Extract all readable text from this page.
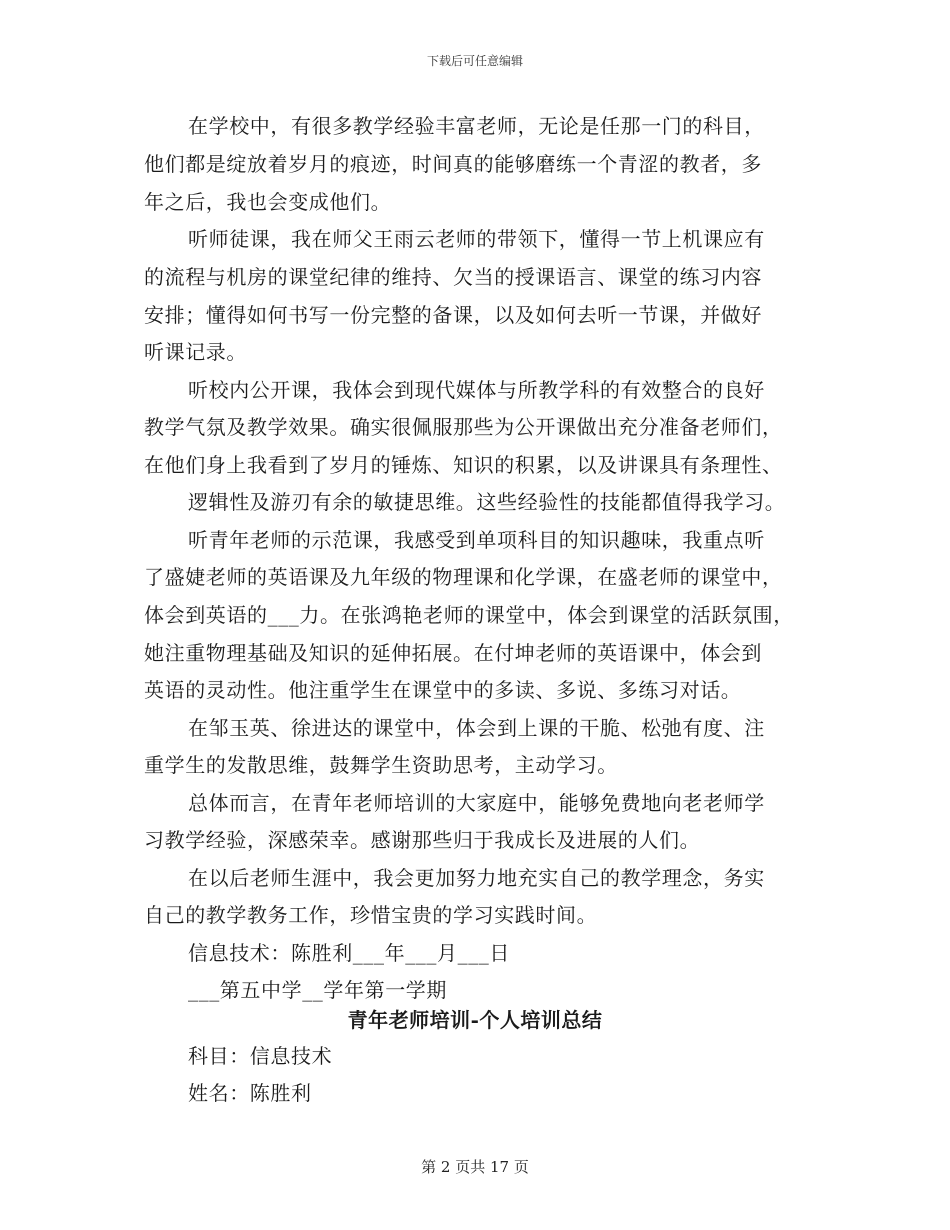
下载后可任意编辑
在学校中，有很多教学经验丰富老师，无论是任那一门的科目，
他们都是绽放着岁月的痕迹，时间真的能够磨练一个青涩的教者，多
年之后，我也会变成他们。
听师徒课，我在师父王雨云老师的带领下，懂得一节上机课应有
的流程与机房的课堂纪律的维持、欠当的授课语言、课堂的练习内容
安排；懂得如何书写一份完整的备课，以及如何去听一节课，并做好
听课记录。
听校内公开课，我体会到现代媒体与所教学科的有效整合的良好
教学气氛及教学效果。确实很佩服那些为公开课做出充分准备老师们，
在他们身上我看到了岁月的锤炼、知识的积累，以及讲课具有条理性、
逻辑性及游刃有余的敏捷思维。这些经验性的技能都值得我学习。
听青年老师的示范课，我感受到单项科目的知识趣味，我重点听
了盛婕老师的英语课及九年级的物理课和化学课，在盛老师的课堂中，
体会到英语的___力。在张鸿艳老师的课堂中，体会到课堂的活跃氛围，
她注重物理基础及知识的延伸拓展。在付坤老师的英语课中，体会到
英语的灵动性。他注重学生在课堂中的多读、多说、多练习对话。
在邹玉英、徐进达的课堂中，体会到上课的干脆、松弛有度、注
重学生的发散思维，鼓舞学生资助思考，主动学习。
总体而言，在青年老师培训的大家庭中，能够免费地向老老师学
习教学经验，深感荣幸。感谢那些归于我成长及进展的人们。
在以后老师生涯中，我会更加努力地充实自己的教学理念，务实
自己的教学教务工作，珍惜宝贵的学习实践时间。
信息技术：陈胜利___年___月___日
___第五中学__学年第一学期
青年老师培训-个人培训总结
科目：信息技术
姓名：陈胜利
第 2 页共 17 页
